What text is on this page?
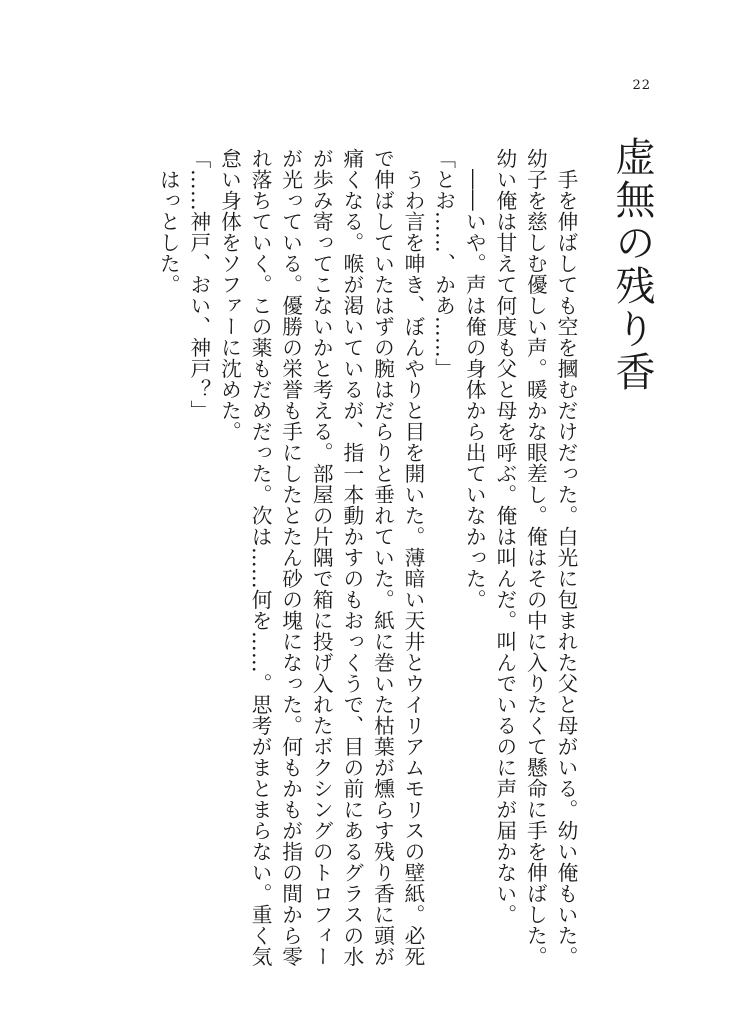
22
虚無の残り香

　手を伸ばしても空を摑むだけだった。白光に包まれた父と母がいる。幼い俺もいた。

幼子を慈しむ優しい声。暖かな眼差し。俺はその中に入りたくて懸命に手を伸ばした。

幼い俺は甘えて何度も父と母を呼ぶ。俺は叫んだ。叫んでいるのに声が届かない。

　――いや。声は俺の身体から出ていなかった。

「とお……、かあ……」

　うわ言を呻き、ぼんやりと目を開いた。薄暗い天井とウイリアムモリスの壁紙。必死

で伸ばしていたはずの腕はだらりと垂れていた。紙に巻いた枯葉が燻らす残り香に頭が

痛くなる。喉が渇いているが、指一本動かすのもおっくうで、目の前にあるグラスの水

が歩み寄ってこないかと考える。部屋の片隅で箱に投げ入れたボクシングのトロフィー

が光っている。優勝の栄誉も手にしたとたん砂の塊になった。何もかもが指の間から零

れ落ちていく。この薬もだめだった。次は……何を……。思考がまとまらない。重く気

怠い身体をソファーに沈めた。

「……神戸、おい、神戸？」

　はっとした。
